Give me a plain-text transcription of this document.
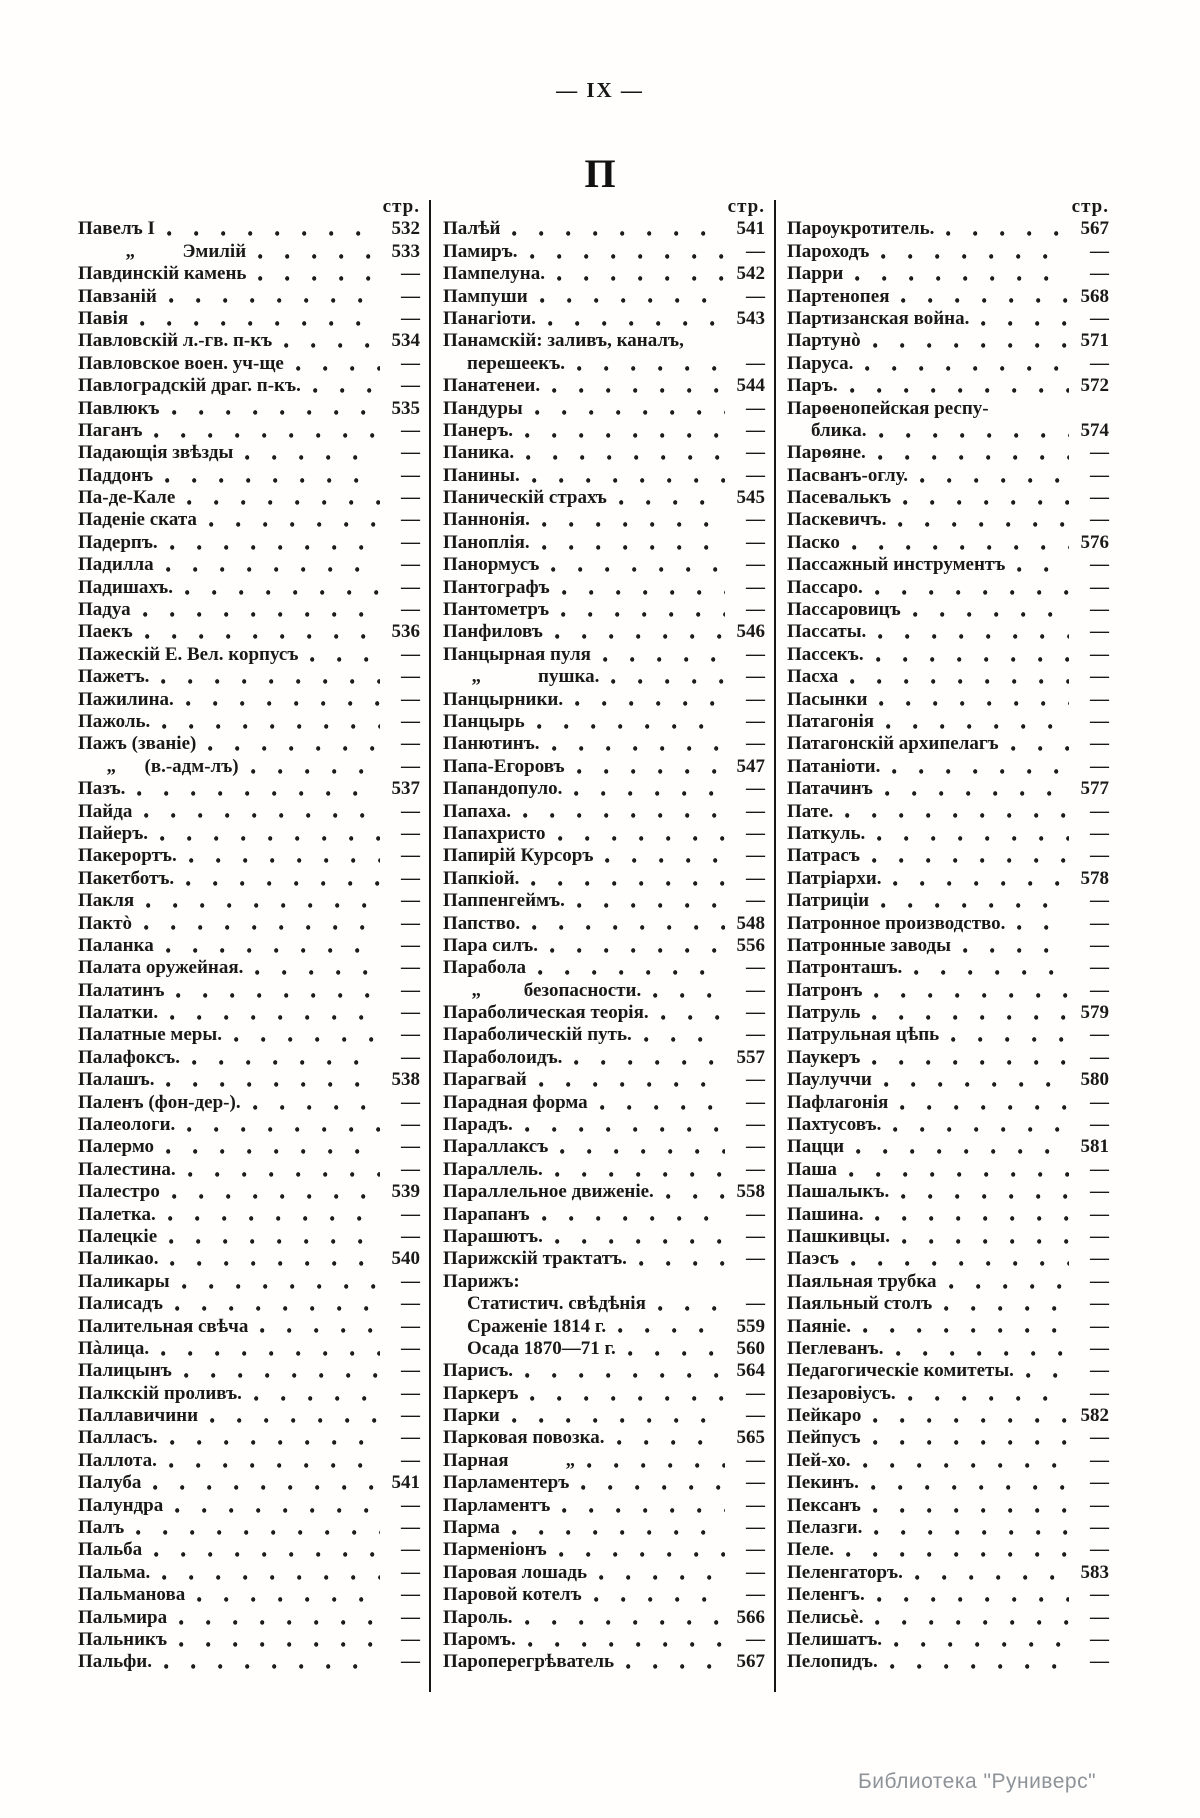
— IX —
П
стр.
Павелъ I	532
„          Эмилій	533
Павдинскій камень	—
Павзаній	—
Павія	—
Павловскій л.-гв. п-къ	534
Павловское воен. уч-ще	—
Павлоградскій драг. п-къ.	—
Павлюкъ	535
Паганъ	—
Падающія звѣзды	—
Паддонъ	—
Па-де-Кале	—
Паденіе ската	—
Падерпъ.	—
Падилла	—
Падишахъ.	—
Падуа	—
Паекъ	536
Пажескій Е. Вел. корпусъ	—
Пажетъ.	—
Пажилина.	—
Пажоль.	—
Пажъ (званіе)	—
„      (в.-адм-лъ)	—
Пазъ.	537
Пайда	—
Пайеръ.	—
Пакерортъ.	—
Пакетботъ.	—
Пакля	—
Пактò	—
Паланка	—
Палата оружейная.	—
Палатинъ	—
Палатки.	—
Палатные меры.	—
Палафоксъ.	—
Палашъ.	538
Паленъ (фон-дер-).	—
Палеологи.	—
Палермо	—
Палестина.	—
Палестро	539
Палетка.	—
Палецкіе	—
Паликао.	540
Паликары	—
Палисадъ	—
Палительная свѣча	—
Пàлица.	—
Палицынъ	—
Палкскій проливъ.	—
Паллавичини	—
Палласъ.	—
Паллота.	—
Палуба	541
Палундра	—
Палъ	—
Пальба	—
Пальма.	—
Пальманова	—
Пальмира	—
Пальникъ	—
Пальфи.	—
стр.
Палѣй	541
Памиръ.	—
Пампелуна.	542
Пампуши	—
Панагіоти.	543
Панамскій: заливъ, каналъ,
перешеекъ.	—
Панатенеи.	544
Пандуры	—
Панеръ.	—
Паника.	—
Панины.	—
Паническій страхъ	545
Паннонія.	—
Паноплія.	—
Панормусъ	—
Пантографъ	—
Пантометръ	—
Панфиловъ	546
Панцырная пуля	—
„            пушка.	—
Панцырники.	—
Панцырь	—
Панютинъ.	—
Папа-Егоровъ	547
Папандопуло.	—
Папаха.	—
Папахристо	—
Папирій Курсоръ	—
Папкіой.	—
Паппенгеймъ.	—
Папство.	548
Пара силъ.	556
Парабола	—
„         безопасности.	—
Параболическая теорія.	—
Параболическій путь.	—
Параболоидъ.	557
Парагвай	—
Парадная форма	—
Парадъ.	—
Параллаксъ	—
Параллель.	—
Параллельное движеніе.	558
Парапанъ	—
Парашютъ.	—
Парижскій трактатъ.	—
Парижъ:
Статистич. свѣдѣнія	—
Сраженіе 1814 г.	559
Осада 1870—71 г.	560
Парисъ.	564
Паркеръ	—
Парки	—
Парковая повозка.	565
Парная            „	—
Парламентеръ	—
Парламентъ	—
Парма	—
Парменіонъ	—
Паровая лошадь	—
Паровой котелъ	—
Пароль.	566
Паромъ.	—
Пароперегрѣватель	567
стр.
Пароукротитель.	567
Пароходъ	—
Парри	—
Партенопея	568
Партизанская война.	—
Партунò	571
Паруса.	—
Паръ.	572
Парѳенопейская респу-
блика.	574
Парѳяне.	—
Пасванъ-оглу.	—
Пасевалькъ	—
Паскевичъ.	—
Паско	576
Пассажный инструментъ	—
Пассаро.	—
Пассаровицъ	—
Пассаты.	—
Пассекъ.	—
Пасха	—
Пасынки	—
Патагонія	—
Патагонскій архипелагъ	—
Патаніоти.	—
Патачинъ	577
Пате.	—
Паткуль.	—
Патрасъ	—
Патріархи.	578
Патриціи	—
Патронное производство.	—
Патронные заводы	—
Патронташъ.	—
Патронъ	—
Патруль	579
Патрульная цѣпь	—
Паукеръ	—
Паулуччи	580
Пафлагонія	—
Пахтусовъ.	—
Пацци	581
Паша	—
Пашалыкъ.	—
Пашина.	—
Пашкивцы.	—
Паэсъ	—
Паяльная трубка	—
Паяльный столъ	—
Паяніе.	—
Пеглеванъ.	—
Педагогическіе комитеты.	—
Пезаровіусъ.	—
Пейкаро	582
Пейпусъ	—
Пей-хо.	—
Пекинъ.	—
Пексанъ	—
Пелазги.	—
Пеле.	—
Пеленгаторъ.	583
Пеленгъ.	—
Пелисьè.	—
Пелишатъ.	—
Пелопидъ.	—
Библиотека "Руниверс"
